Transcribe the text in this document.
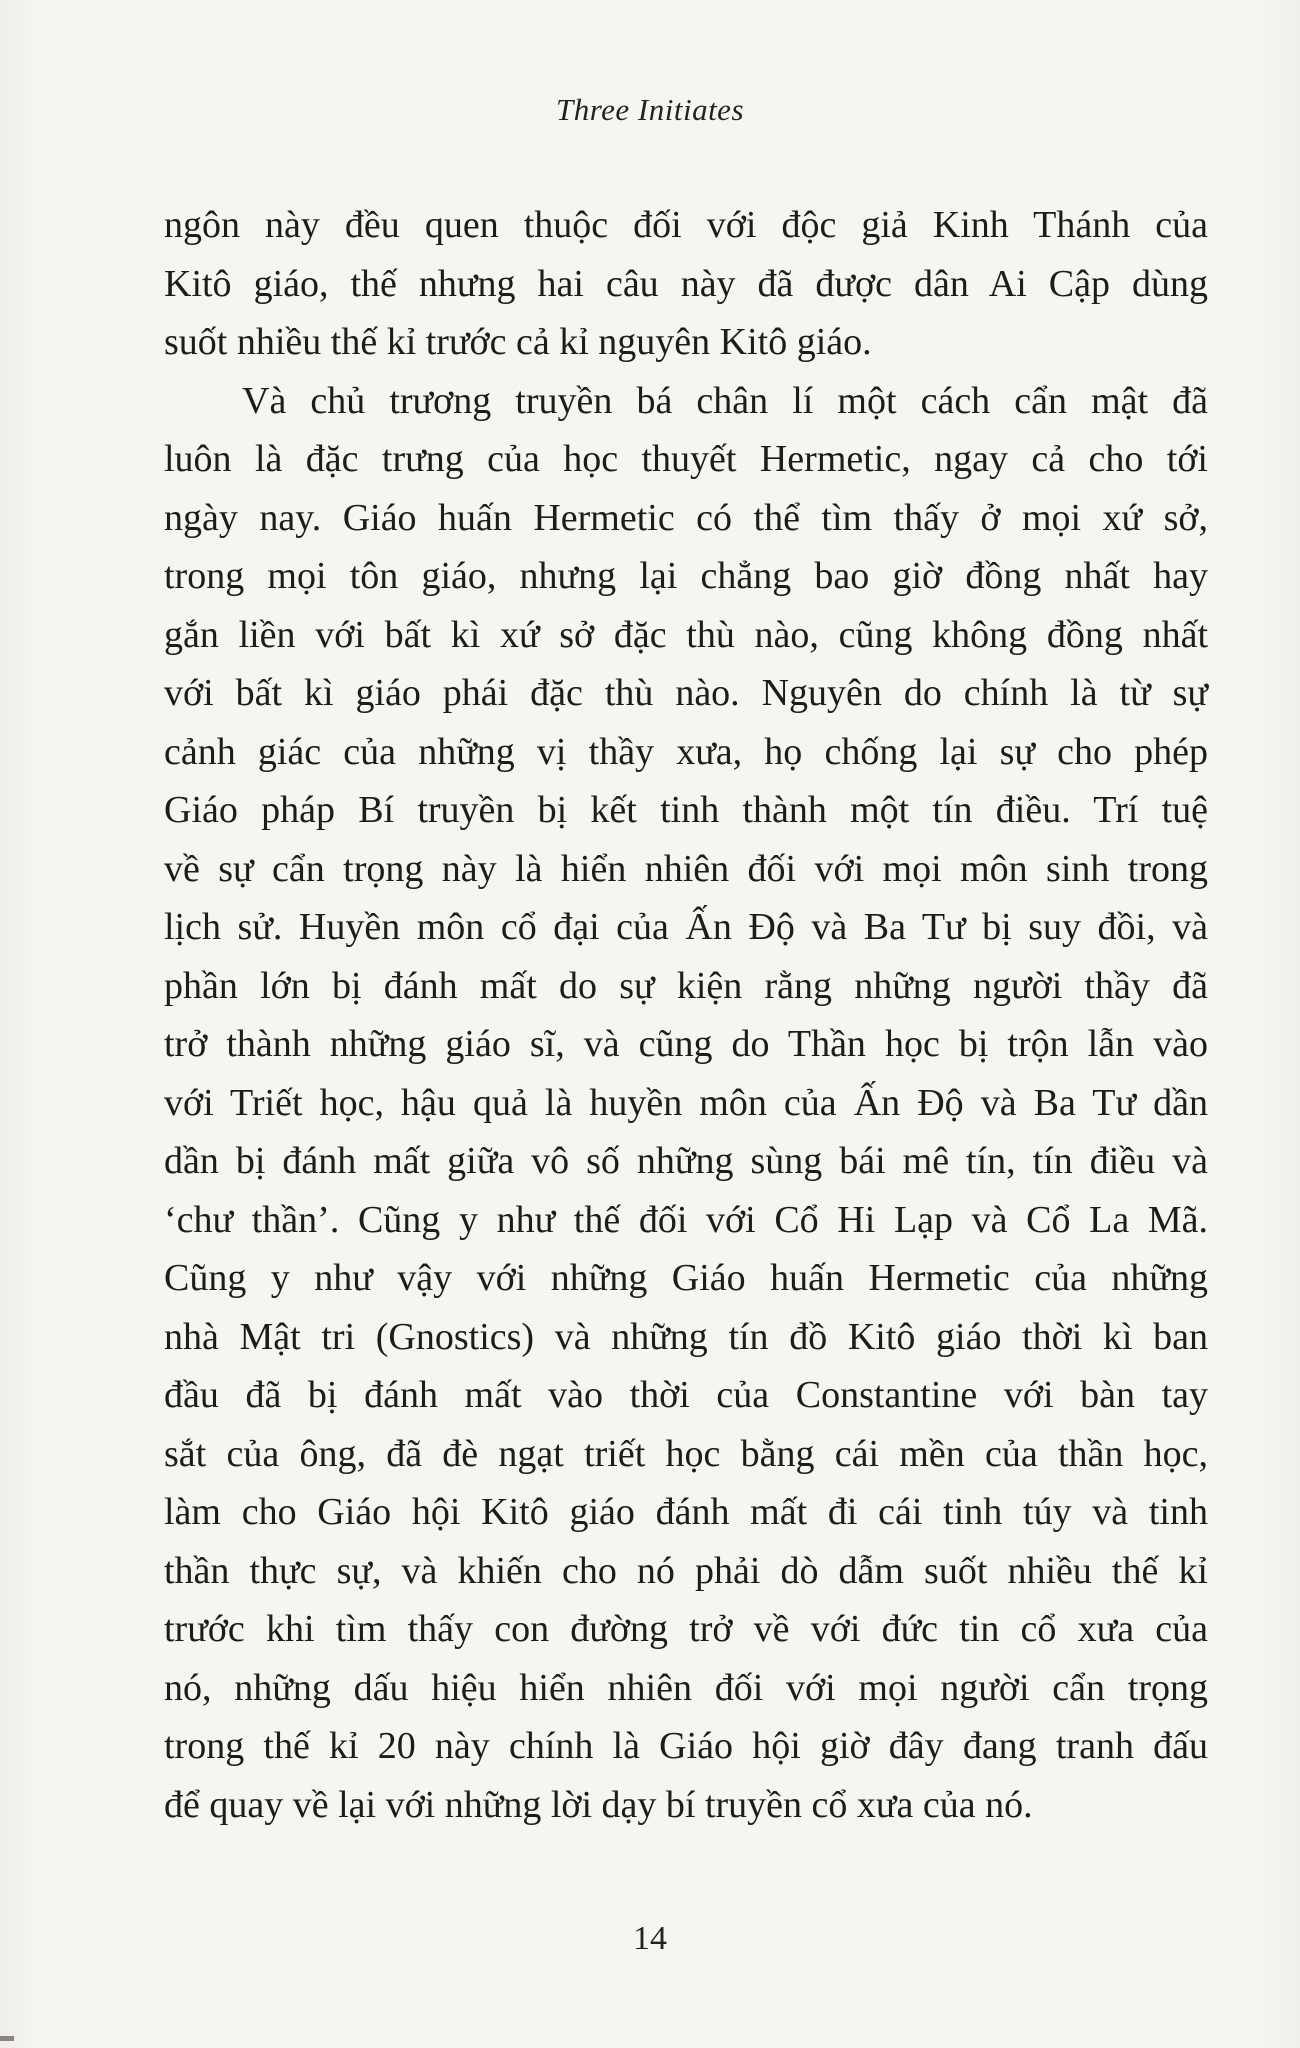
Three Initiates
ngôn này đều quen thuộc đối với độc giả Kinh Thánh của
Kitô giáo, thế nhưng hai câu này đã được dân Ai Cập dùng
suốt nhiều thế kỉ trước cả kỉ nguyên Kitô giáo.
Và chủ trương truyền bá chân lí một cách cẩn mật đã
luôn là đặc trưng của học thuyết Hermetic, ngay cả cho tới
ngày nay. Giáo huấn Hermetic có thể tìm thấy ở mọi xứ sở,
trong mọi tôn giáo, nhưng lại chẳng bao giờ đồng nhất hay
gắn liền với bất kì xứ sở đặc thù nào, cũng không đồng nhất
với bất kì giáo phái đặc thù nào. Nguyên do chính là từ sự
cảnh giác của những vị thầy xưa, họ chống lại sự cho phép
Giáo pháp Bí truyền bị kết tinh thành một tín điều. Trí tuệ
về sự cẩn trọng này là hiển nhiên đối với mọi môn sinh trong
lịch sử. Huyền môn cổ đại của Ấn Độ và Ba Tư bị suy đồi, và
phần lớn bị đánh mất do sự kiện rằng những người thầy đã
trở thành những giáo sĩ, và cũng do Thần học bị trộn lẫn vào
với Triết học, hậu quả là huyền môn của Ấn Độ và Ba Tư dần
dần bị đánh mất giữa vô số những sùng bái mê tín, tín điều và
‘chư thần’. Cũng y như thế đối với Cổ Hi Lạp và Cổ La Mã.
Cũng y như vậy với những Giáo huấn Hermetic của những
nhà Mật tri (Gnostics) và những tín đồ Kitô giáo thời kì ban
đầu đã bị đánh mất vào thời của Constantine với bàn tay
sắt của ông, đã đè ngạt triết học bằng cái mền của thần học,
làm cho Giáo hội Kitô giáo đánh mất đi cái tinh túy và tinh
thần thực sự, và khiến cho nó phải dò dẫm suốt nhiều thế kỉ
trước khi tìm thấy con đường trở về với đức tin cổ xưa của
nó, những dấu hiệu hiển nhiên đối với mọi người cẩn trọng
trong thế kỉ 20 này chính là Giáo hội giờ đây đang tranh đấu
để quay về lại với những lời dạy bí truyền cổ xưa của nó.
14
